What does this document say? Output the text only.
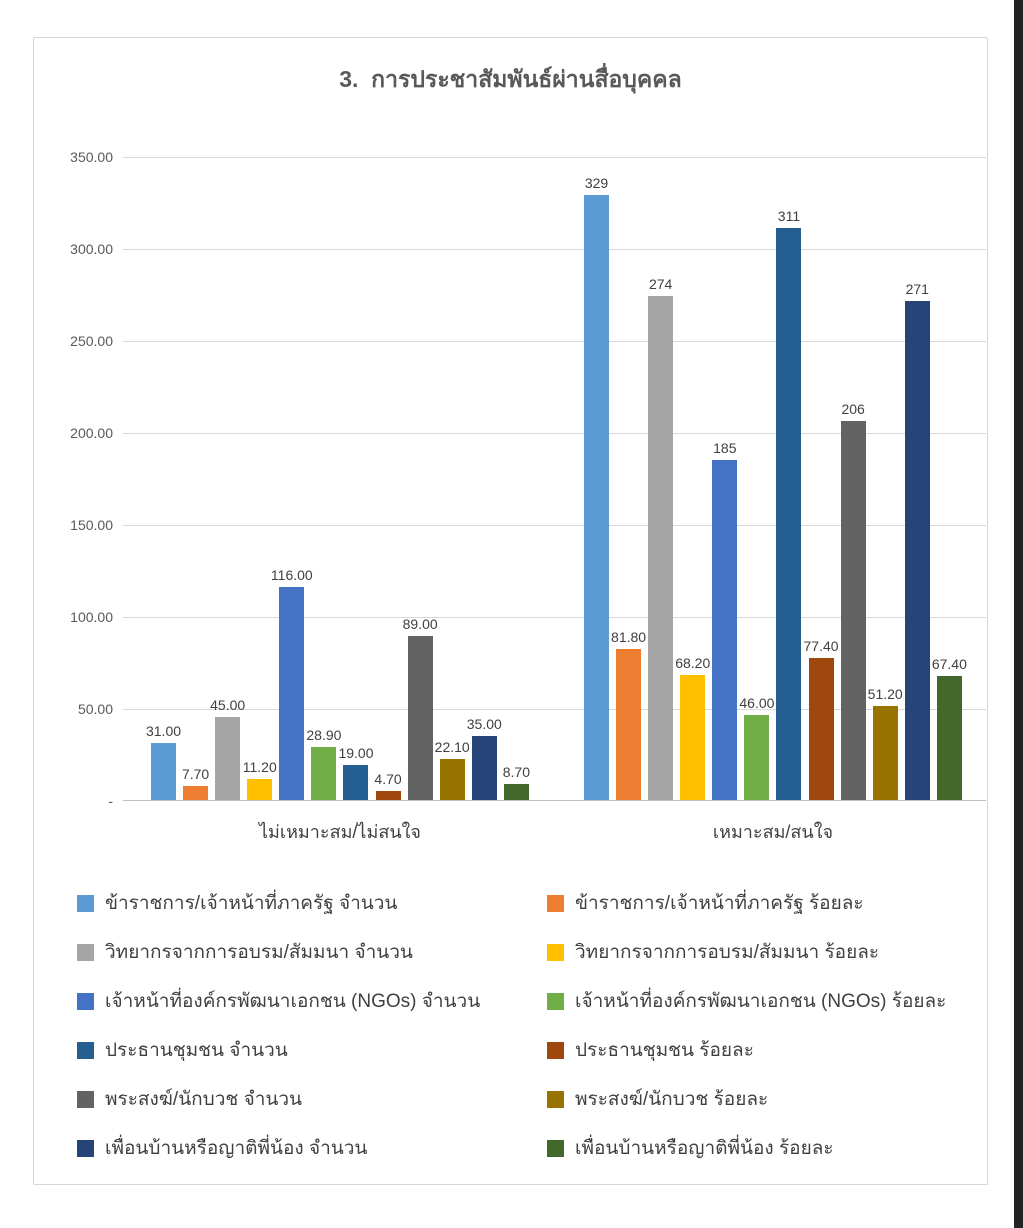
3.  การประชาสัมพันธ์ผ่านสื่อบุคคล
350.00
300.00
250.00
200.00
150.00
100.00
50.00
-
31.00
7.70
45.00
11.20
116.00
28.90
19.00
4.70
89.00
22.10
35.00
8.70
329
81.80
274
68.20
185
46.00
311
77.40
206
51.20
271
67.40
ไม่เหมาะสม/ไม่สนใจ	เหมาะสม/สนใจ
ข้าราชการ/เจ้าหน้าที่ภาครัฐ จำนวน	ข้าราชการ/เจ้าหน้าที่ภาครัฐ ร้อยละ
วิทยากรจากการอบรม/สัมมนา จำนวน	วิทยากรจากการอบรม/สัมมนา ร้อยละ
เจ้าหน้าที่องค์กรพัฒนาเอกชน (NGOs) จำนวน	เจ้าหน้าที่องค์กรพัฒนาเอกชน (NGOs) ร้อยละ
ประธานชุมชน จำนวน	ประธานชุมชน ร้อยละ
พระสงฆ์/นักบวช จำนวน	พระสงฆ์/นักบวช ร้อยละ
เพื่อนบ้านหรือญาติพี่น้อง จำนวน	เพื่อนบ้านหรือญาติพี่น้อง ร้อยละ
